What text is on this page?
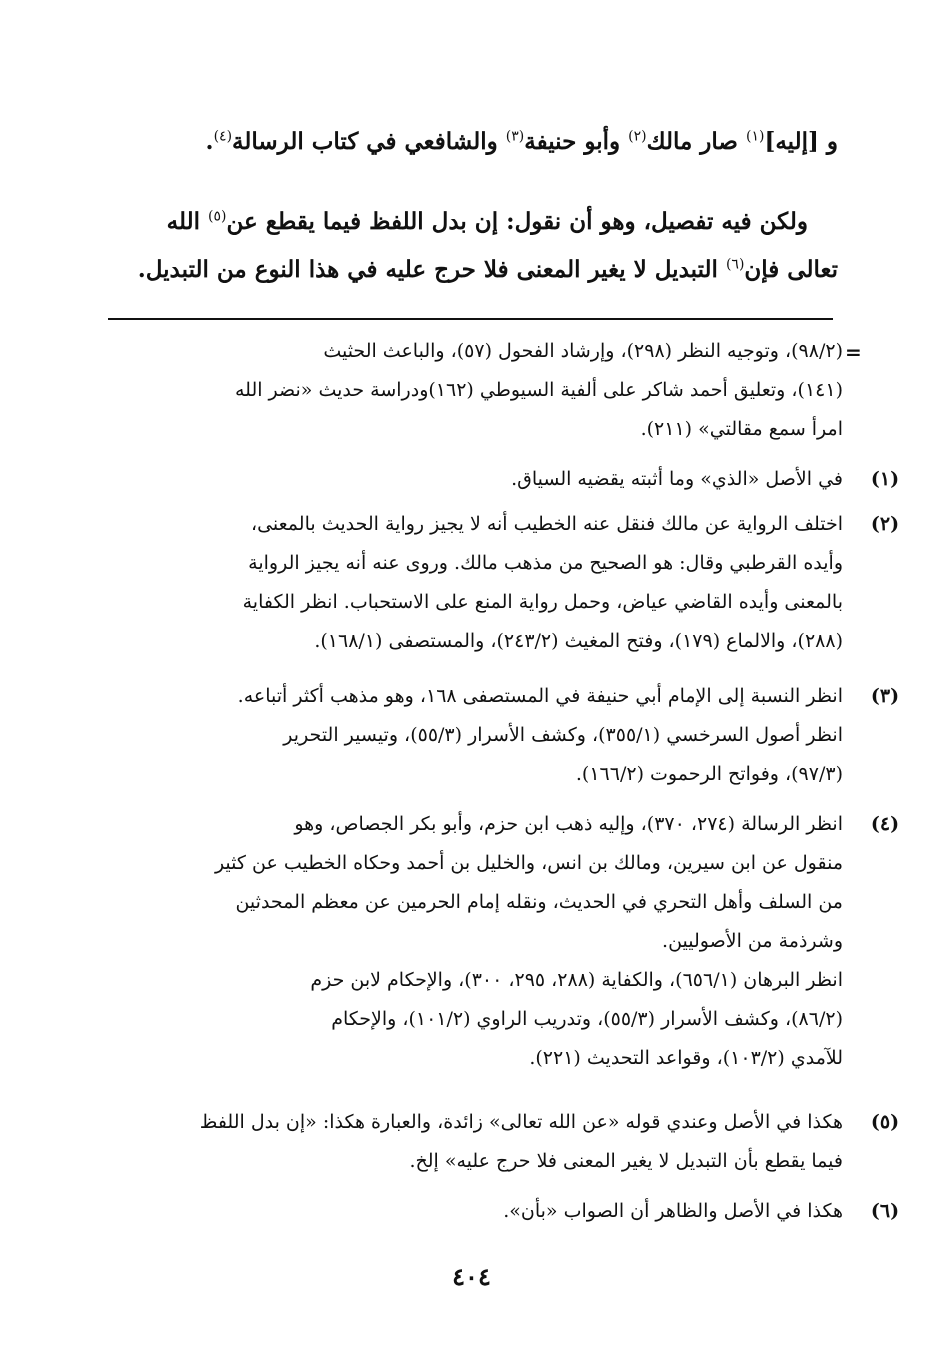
و [إليه]$^{(١)}$ صار مالك$^{(٢)}$ وأبو حنيفة$^{(٣)}$ والشافعي في كتاب الرسالة$^{(٤)}$.
ولكن فيه تفصيل، وهو أن نقول: إن بدل اللفظ فيما يقطع عن$^{(٥)}$ الله
تعالى فإن$^{(٦)}$ التبديل لا يغير المعنى فلا حرج عليه في هذا النوع من التبديل.
=
(٩٨/٢)، وتوجيه النظر (٢٩٨)، وإرشاد الفحول (٥٧)، والباعث الحثيث
(١٤١)، وتعليق أحمد شاكر على ألفية السيوطي (١٦٢)ودراسة حديث «نضر الله
امرأ سمع مقالتي» (٢١١).
(١)
في الأصل «الذي» وما أثبته يقضيه السياق.
(٢)
اختلف الرواية عن مالك فنقل عنه الخطيب أنه لا يجيز رواية الحديث بالمعنى،
وأيده القرطبي وقال: هو الصحيح من مذهب مالك. وروى عنه أنه يجيز الرواية
بالمعنى وأيده القاضي عياض، وحمل رواية المنع على الاستحباب. انظر الكفاية
(٢٨٨)، والالماع (١٧٩)، وفتح المغيث (٢٤٣/٢)، والمستصفى (١٦٨/١).
(٣)
انظر النسبة إلى الإمام أبي حنيفة في المستصفى ١٦٨، وهو مذهب أكثر أتباعه.
انظر أصول السرخسي (٣٥٥/١)، وكشف الأسرار (٥٥/٣)، وتيسير التحرير
(٩٧/٣)، وفواتح الرحموت (١٦٦/٢).
(٤)
انظر الرسالة (٢٧٤، ٣٧٠)، وإليه ذهب ابن حزم، وأبو بكر الجصاص، وهو
منقول عن ابن سيرين، ومالك بن انس، والخليل بن أحمد وحكاه الخطيب عن كثير
من السلف وأهل التحري في الحديث، ونقله إمام الحرمين عن معظم المحدثين
وشرذمة من الأصوليين.
انظر البرهان (٦٥٦/١)، والكفاية (٢٨٨، ٢٩٥، ٣٠٠)، والإحكام لابن حزم
(٨٦/٢)، وكشف الأسرار (٥٥/٣)، وتدريب الراوي (١٠١/٢)، والإحكام
للآمدي (١٠٣/٢)، وقواعد التحديث (٢٢١).
(٥)
هكذا في الأصل وعندي قوله «عن الله تعالى» زائدة، والعبارة هكذا: «إن بدل اللفظ
فيما يقطع بأن التبديل لا يغير المعنى فلا حرج عليه» إلخ.
(٦)
هكذا في الأصل والظاهر أن الصواب «بأن».
٤٠٤
